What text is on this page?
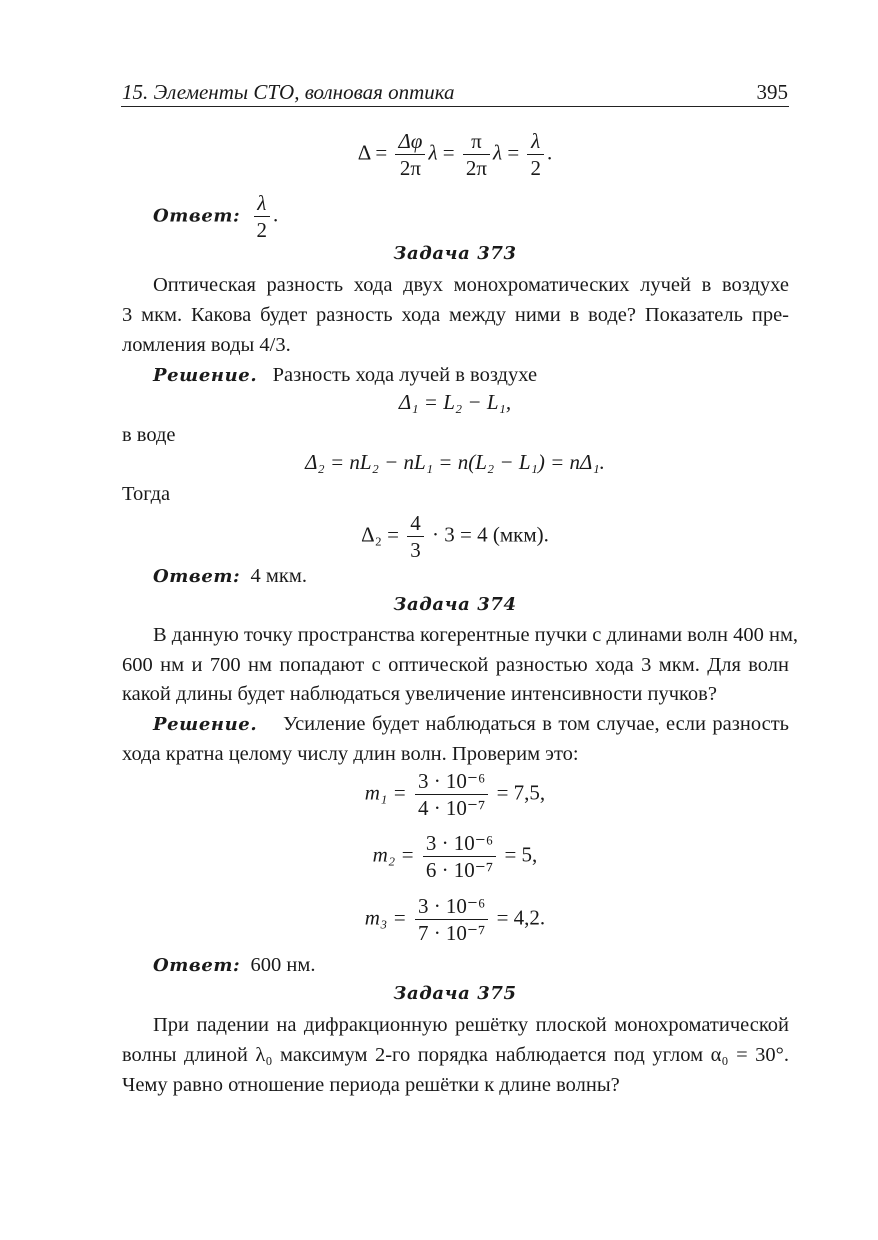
15. Элементы СТО, волновая оптика	395
$\Delta = \frac{\Delta\varphi}{2\pi}$ $\lambda = \frac{\pi}{2\pi}$ $\lambda = \frac{\lambda}{2}$ .
Ответ: $\frac{\lambda}{2}$ .
Задача 373
Оптическая разность хода двух монохроматических лучей в воздухе
3 мкм. Какова будет разность хода между ними в воде? Показатель пре-
ломления воды 4/3.
Решение. Разность хода лучей в воздухе
Δ₁ = L₂ − L₁,
в воде
Δ₂ = nL₂ − nL₁ = n(L₂ − L₁) = nΔ₁.
Тогда
$\Delta_2 = \frac{4}{3} \cdot 3 = 4$ (мкм).
Ответ: 4 мкм.
Задача 374
В данную точку пространства когерентные пучки с длинами волн 400 нм,
600 нм и 700 нм попадают с оптической разностью хода 3 мкм. Для волн
какой длины будет наблюдаться увеличение интенсивности пучков?
Решение. Усиление будет наблюдаться в том случае, если разность
хода кратна целому числу длин волн. Проверим это:
$m_1 = \frac{\text{3 · 10⁻⁶}}{\text{4 · 10⁻⁷}} = 7,5$,
$m_2 = \frac{\text{3 · 10⁻⁶}}{\text{6 · 10⁻⁷}} = 5$,
$m_3 = \frac{\text{3 · 10⁻⁶}}{\text{7 · 10⁻⁷}} = 4,2$.
Ответ: 600 нм.
Задача 375
При падении на дифракционную решётку плоской монохроматической
волны длиной λ₀ максимум 2-го порядка наблюдается под углом α₀ = 30°.
Чему равно отношение периода решётки к длине волны?
